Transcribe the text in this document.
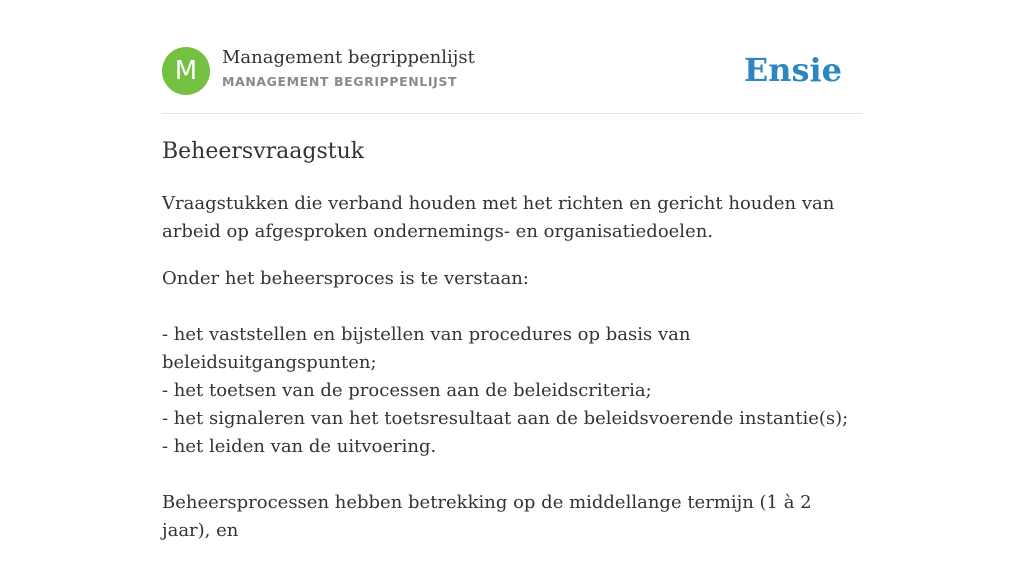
M	Management begrippenlijst
MANAGEMENT BEGRIPPENLIJST	Ensie
Beheersvraagstuk

Vraagstukken die verband houden met het richten en gericht houden van arbeid op afgesproken ondernemings- en organisatiedoelen.

Onder het beheersproces is te verstaan:

- het vaststellen en bijstellen van procedures op basis van beleidsuitgangspunten;
- het toetsen van de processen aan de beleidscriteria;
- het signaleren van het toetsresultaat aan de beleidsvoerende instantie(s);
- het leiden van de uitvoering.

Beheersprocessen hebben betrekking op de middellange termijn (1 à 2 jaar), en
